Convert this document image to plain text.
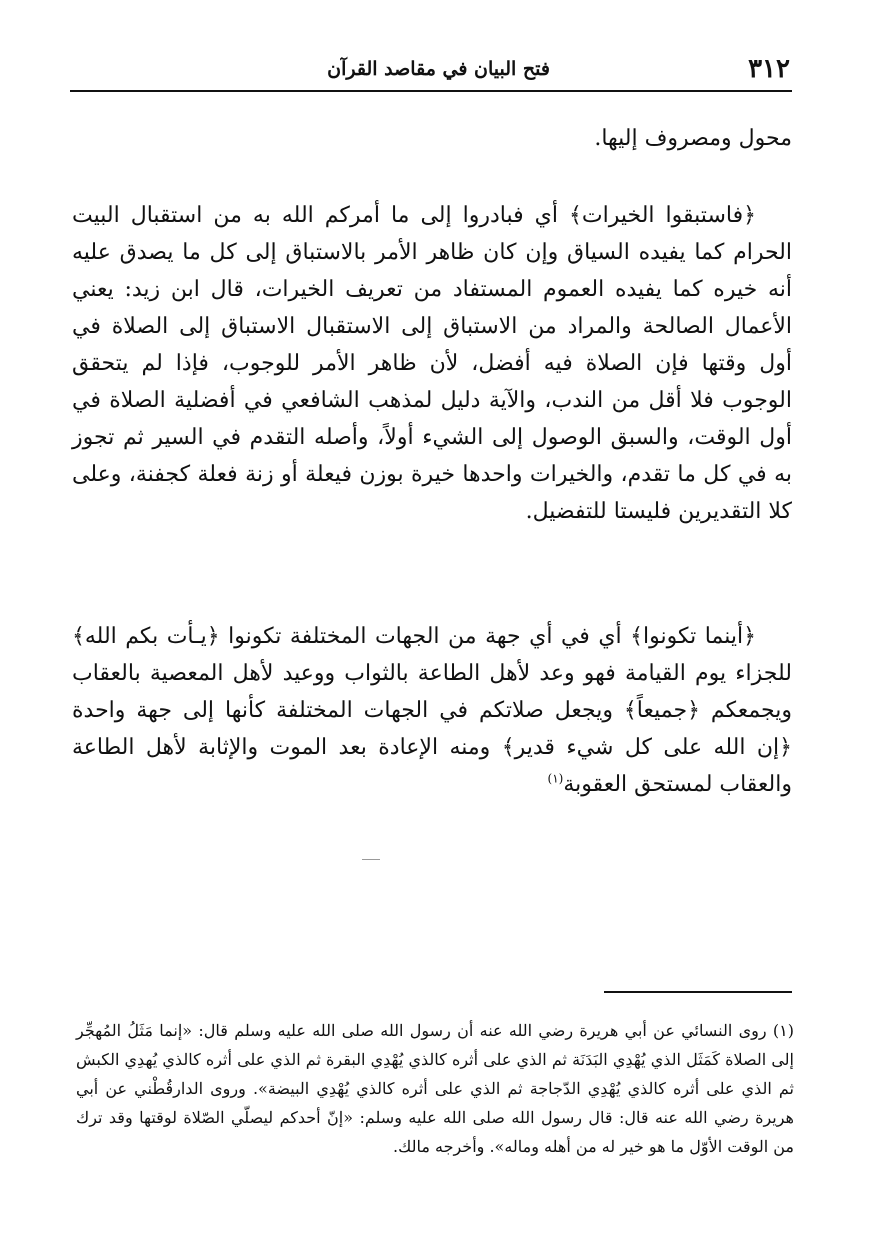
٣١٢
فتح البيان في مقاصد القرآن

محول ومصروف إليها.

﴿فاستبقوا الخيرات﴾ أي فبادروا إلى ما أمركم الله به من استقبال البيت الحرام كما يفيده السياق وإن كان ظاهر الأمر بالاستباق إلى كل ما يصدق عليه أنه خيره كما يفيده العموم المستفاد من تعريف الخيرات، قال ابن زيد: يعني الأعمال الصالحة والمراد من الاستباق إلى الاستقبال الاستباق إلى الصلاة في أول وقتها فإن الصلاة فيه أفضل، لأن ظاهر الأمر للوجوب، فإذا لم يتحقق الوجوب فلا أقل من الندب، والآية دليل لمذهب الشافعي في أفضلية الصلاة في أول الوقت، والسبق الوصول إلى الشيء أولاً، وأصله التقدم في السير ثم تجوز به في كل ما تقدم، والخيرات واحدها خيرة بوزن فيعلة أو زنة فعلة كجفنة، وعلى كلا التقديرين فليستا للتفضيل.

﴿أينما تكونوا﴾ أي في أي جهة من الجهات المختلفة تكونوا ﴿يـأت بكم الله﴾ للجزاء يوم القيامة فهو وعد لأهل الطاعة بالثواب ووعيد لأهل المعصية بالعقاب ويجمعكم ﴿جميعاً﴾ ويجعل صلاتكم في الجهات المختلفة كأنها إلى جهة واحدة ﴿إن الله على كل شيء قدير﴾ ومنه الإعادة بعد الموت والإثابة لأهل الطاعة والعقاب لمستحق العقوبة$^{(١)}$

(١) روى النسائي عن أبي هريرة رضي الله عنه أن رسول الله صلى الله عليه وسلم قال: «إنما مَثَلُ المُهجِّر إلى الصلاة كَمَثَل الذي يُهْدِي البَدَنَة ثم الذي على أثره كالذي يُهْدِي البقرة ثم الذي على أثره كالذي يُهدِي الكبش ثم الذي على أثره كالذي يُهْدِي الدّجاجة ثم الذي على أثره كالذي يُهْدِي البيضة». وروى الدارقُطْني عن أبي هريرة رضي الله عنه قال: قال رسول الله صلى الله عليه وسلم: «إنّ أحدكم ليصلّي الصّلاة لوقتها وقد ترك من الوقت الأوّل ما هو خير له من أهله وماله». وأخرجه مالك.
